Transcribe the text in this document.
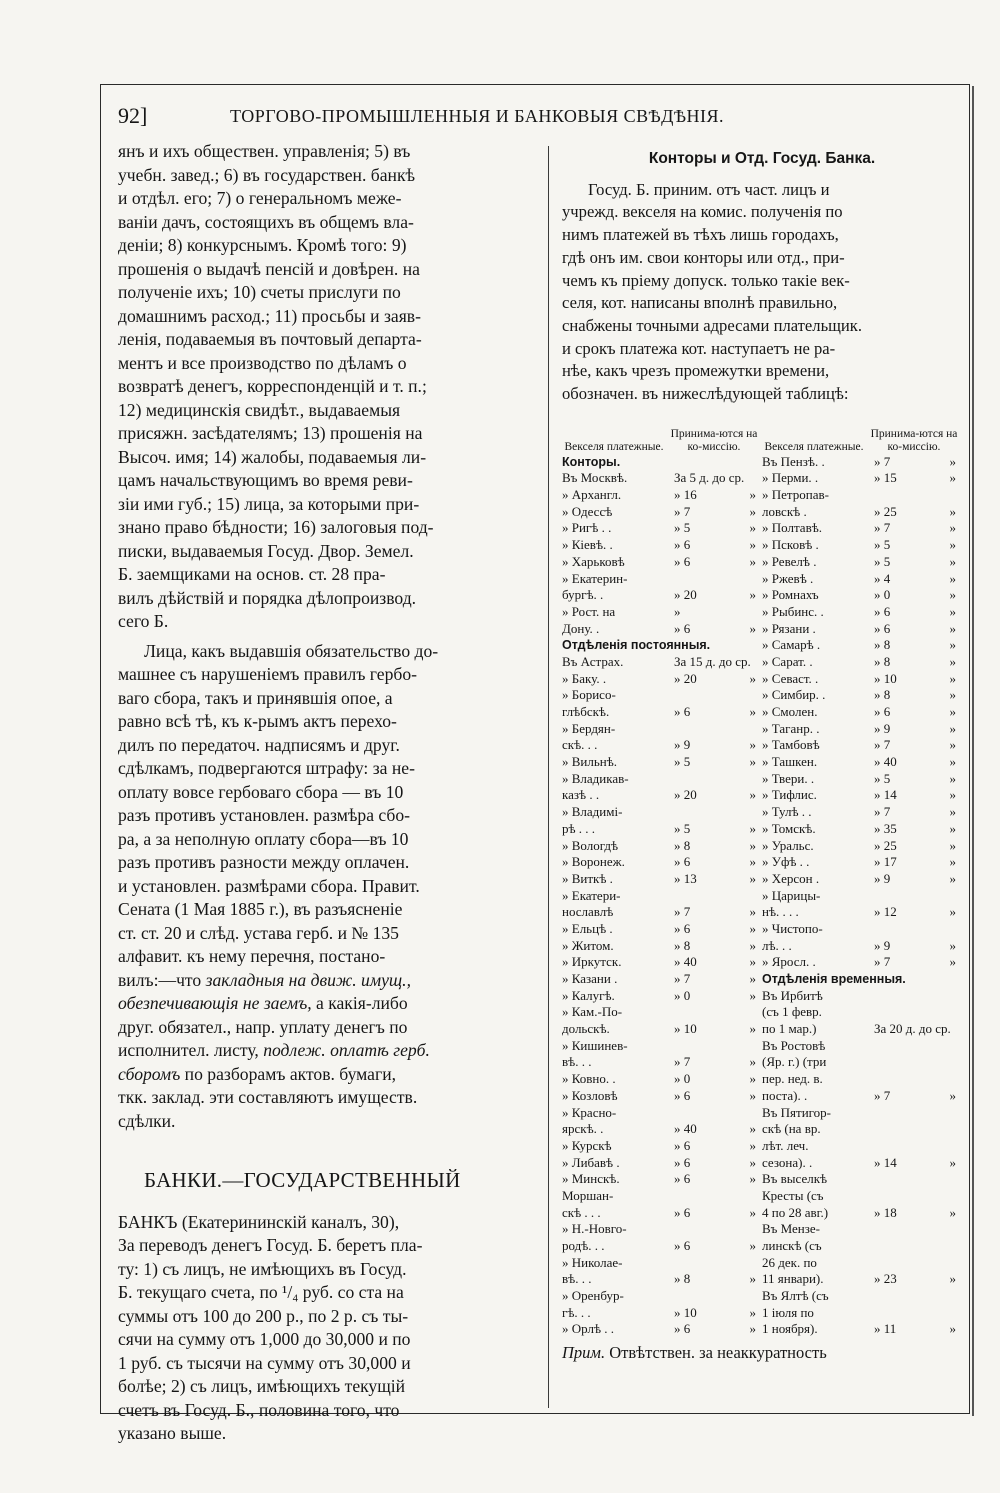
92]	ТОРГОВО-ПРОМЫШЛЕННЫЯ И БАНКОВЫЯ СВѢДѢНІЯ.

янъ и ихъ обществен. управленія; 5) въ

учебн. завед.; 6) въ государствен. банкѣ

и отдѣл. его; 7) о генеральномъ меже-

ваніи дачъ, состоящихъ въ общемъ вла-

деніи; 8) конкурснымъ. Кромѣ того: 9)

прошенія о выдачѣ пенсій и довѣрен. на

полученіе ихъ; 10) счеты прислуги по

домашнимъ расход.; 11) просьбы и заяв-

ленія, подаваемыя въ почтовый департа-

ментъ и все производство по дѣламъ о

возвратѣ денегъ, корреспонденцій и т. п.;

12) медицинскія свидѣт., выдаваемыя

присяжн. засѣдателямъ; 13) прошенія на

Высоч. имя; 14) жалобы, подаваемыя ли-

цамъ начальствующимъ во время реви-

зіи ими губ.; 15) лица, за которыми при-

знано право бѣдности; 16) залоговыя под-

писки, выдаваемыя Госуд. Двор. Земел.

Б. заемщиками на основ. ст. 28 пра-

вилъ дѣйствій и порядка дѣлопроизвод.

сего Б.

Лица, какъ выдавшія обязательство до-

машнее съ нарушеніемъ правилъ гербо-

ваго сбора, такъ и принявшія опое, а

равно всѣ тѣ, къ к-рымъ актъ перехо-

дилъ по передаточ. надписямъ и друг.

сдѣлкамъ, подвергаются штрафу: за не-

оплату вовсе гербоваго сбора — въ 10

разъ противъ установлен. размѣра сбо-

ра, а за неполную оплату сбора—въ 10

разъ противъ разности между оплачен.

и установлен. размѣрами сбора. Правит.

Сената (1 Мая 1885 г.), въ разъясненіе

ст. ст. 20 и слѣд. устава герб. и № 135

алфавит. къ нему перечня, постано-

вилъ:—что закладныя на движ. имущ.,

обезпечивающія не заемъ, а какія-либо

друг. обязател., напр. уплату денегъ по

исполнител. листу, подлеж. оплатѣ герб.

сборомъ по разборамъ актов. бумаги,

ткк. заклад. эти составляютъ имуществ.

сдѣлки.

БАНКИ.—ГОСУДАРСТВЕННЫЙ

БАНКЪ (Екатерининскій каналъ, 30),

За переводъ денегъ Госуд. Б. беретъ пла-

ту: 1) съ лицъ, не имѣющихъ въ Госуд.

Б. текущаго счета, по ¹/₄ руб. со ста на

суммы отъ 100 до 200 р., по 2 р. съ ты-

сячи на сумму отъ 1,000 до 30,000 и по

1 руб. съ тысячи на сумму отъ 30,000 и

болѣе; 2) съ лицъ, имѣющихъ текущій

счетъ въ Госуд. Б., половина того, что

указано выше.

Конторы и Отд. Госуд. Банка.

Госуд. Б. приним. отъ част. лицъ и

учрежд. векселя на комис. полученія по

нимъ платежей въ тѣхъ лишь городахъ,

гдѣ онъ им. свои конторы или отд., при-

чемъ къ пріему допуск. только такіе век-

селя, кот. написаны вполнѣ правильно,

снабжены точными адресами плательщик.

и срокъ платежа кот. наступаетъ не ра-

нѣе, какъ чрезъ промежутки времени,

обозначен. въ нижеслѣдующей таблицѣ:

Векселя платежные.
Принима-ются на ко-миссію.
Конторы.
Въ Москвѣ.	За 5 д. до ср.
» Архангл.	» 16	»
» Одессѣ	» 7	»
» Ригѣ . .	» 5	»
» Кіевѣ. .	» 6	»
» Харьковѣ	» 6	»
» Екатерин-
бургѣ. .	» 20	»
» Рост. на	»
Дону. .	» 6	»
Отдѣленія постоянныя.
Въ Астрах.	За 15 д. до ср.
» Баку. .	» 20	»
» Борисо-
глѣбскѣ.	» 6	»
» Бердян-
скѣ. . .	» 9	»
» Вильнѣ.	» 5	»
» Владикав-
казѣ . .	» 20	»
» Владимі-
рѣ . . .	» 5	»
» Вологдѣ	» 8	»
» Воронеж.	» 6	»
» Виткѣ .	» 13	»
» Екатери-
нославлѣ	» 7	»
» Ельцѣ .	» 6	»
» Житом.	» 8	»
» Иркутск.	» 40	»
» Казани .	» 7	»
» Калугѣ.	» 0	»
» Кам.-По-
дольскѣ.	» 10	»
» Кишинев-
вѣ. . .	» 7	»
» Ковно. .	» 0	»
» Козловѣ	» 6	»
» Красно-
ярскѣ. .	» 40	»
» Курскѣ	» 6	»
» Либавѣ .	» 6	»
» Минскѣ.	» 6	»
Моршан-
скѣ . . .	» 6	»
» Н.-Новго-
родѣ. . .	» 6	»
» Николае-
вѣ. . .	» 8	»
» Оренбур-
гѣ. . .	» 10	»
» Орлѣ . .	» 6	»
Векселя платежные.
Принима-ются на ко-миссію.
Въ Пензѣ. .	» 7	»
» Перми. .	» 15	»
» Петропав-
ловскѣ .	» 25	»
» Полтавѣ.	» 7	»
» Псковѣ .	» 5	»
» Ревелѣ .	» 5	»
» Ржевѣ .	» 4	»
» Ромнахъ	» 0	»
» Рыбинс. .	» 6	»
» Рязани .	» 6	»
» Самарѣ .	» 8	»
» Сарат. .	» 8	»
» Севаст. .	» 10	»
» Симбир. .	» 8	»
» Смолен.	» 6	»
» Таганр. .	» 9	»
» Тамбовѣ	» 7	»
» Ташкен.	» 40	»
» Твери. .	» 5	»
» Тифлис.	» 14	»
» Тулѣ . .	» 7	»
» Томскѣ.	» 35	»
» Уральс.	» 25	»
» Уфѣ . .	» 17	»
» Херсон .	» 9	»
» Царицы-
нѣ. . . .	» 12	»
» Чистопо-
лѣ. . .	» 9	»
» Яросл. .	» 7	»
Отдѣленія временныя.
Въ Ирбитѣ
(съ 1 февр.
по 1 мар.)	За 20 д. до ср.
Въ Ростовѣ
(Яр. г.) (три
пер. нед. в.
поста). .	» 7	»
Въ Пятигор-
скѣ (на вр.
лѣт. леч.
сезона). .	» 14	»
Въ выселкѣ
Кресты (съ
4 по 28 авг.)	» 18	»
Въ Мензе-
линскѣ (съ
26 дек. по
11 январи).	» 23	»
Въ Ялтѣ (съ
1 іюля по
1 ноября).	» 11	»
Прим. Отвѣтствен. за неаккуратность
